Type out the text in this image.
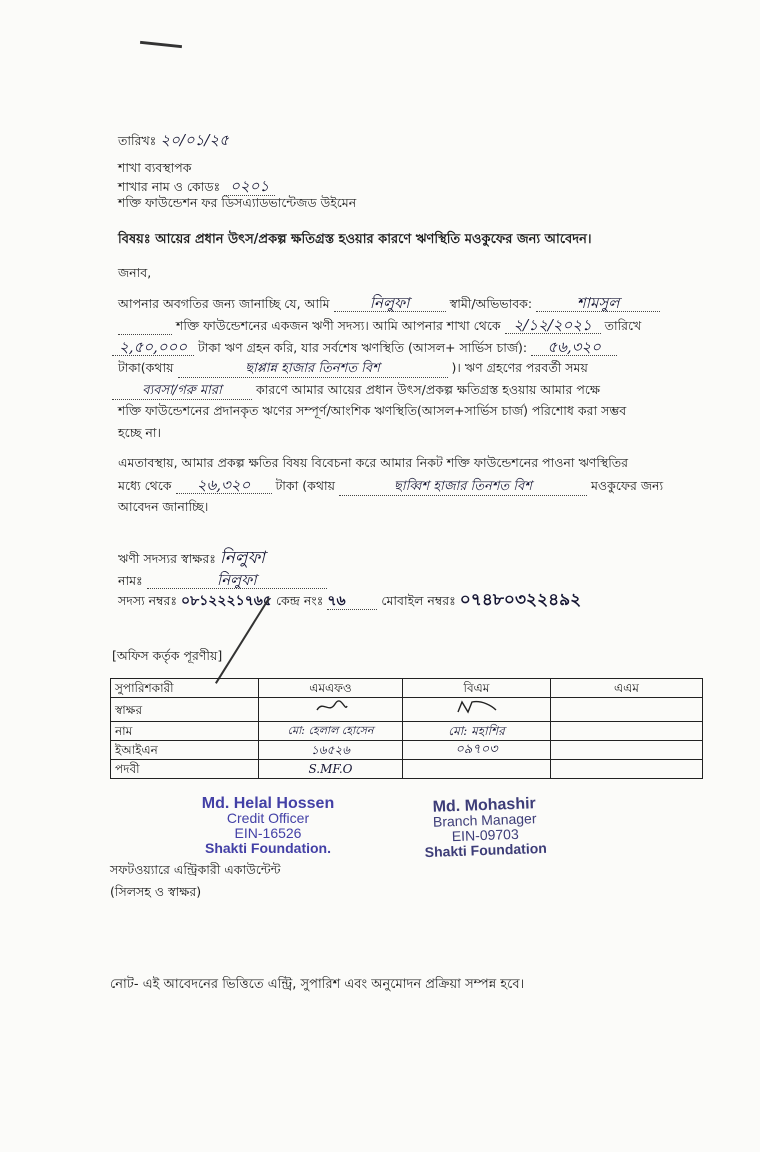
তারিখঃ ২০/০১/২৫
শাখা ব্যবস্থাপক
শাখার নাম ও কোডঃ ০২০১
শক্তি ফাউন্ডেশন ফর ডিসএ্যাডভান্টেজড উইমেন
বিষয়ঃ আয়ের প্রধান উৎস/প্রকল্প ক্ষতিগ্রস্ত হওয়ার কারণে ঋণস্থিতি মওকুফের জন্য আবেদন।
জনাব,
আপনার অবগতির জন্য জানাচ্ছি যে, আমি	নিলুফা	স্বামী/অভিভাবক:	শামসুল
শক্তি ফাউন্ডেশনের একজন ঋণী সদস্য। আমি আপনার শাখা থেকে ২/১২/২০২১ তারিখে
২,৫০,০০০ টাকা ঋণ গ্রহন করি, যার সর্বশেষ ঋণস্থিতি (আসল+ সার্ভিস চার্জ): ৫৬,৩২০
টাকা(কথায়	ছাপ্পান্ন হাজার তিনশত বিশ	)। ঋণ গ্রহণের পরবর্তী সময়
ব্যবসা/গরু মারা	কারণে আমার আয়ের প্রধান উৎস/প্রকল্প ক্ষতিগ্রস্ত হওয়ায় আমার পক্ষে
শক্তি ফাউন্ডেশনের প্রদানকৃত ঋণের সম্পূর্ণ/আংশিক ঋণস্থিতি(আসল+সার্ভিস চার্জ) পরিশোধ করা সম্ভব
হচ্ছে না।
এমতাবস্থায়, আমার প্রকল্প ক্ষতির বিষয় বিবেচনা করে আমার নিকট শক্তি ফাউন্ডেশনের পাওনা ঋণস্থিতির
মধ্যে থেকে ২৬,৩২০ টাকা (কথায়	ছাব্বিশ হাজার তিনশত বিশ	মওকুফের জন্য
আবেদন জানাচ্ছি।
ঋণী সদস্যর স্বাক্ষরঃ নিলুফা
নামঃ	নিলুফা
সদস্য নম্বরঃ ০৮১২২২১৭৬৫ কেন্দ্র নংঃ ৭৬	মোবাইল নম্বরঃ ০৭৪৮০৩২২৪৯২
[অফিস কর্তৃক পূরণীয়]
সুপারিশকারী	এমএফও	বিএম	এএম
স্বাক্ষর			
নাম	মো: হেলাল হোসেন	মো: মহাশির	
ইআইএন	১৬৫২৬	০৯৭০৩	
পদবী	S.MF.O		
Md. Helal Hossen
Credit Officer
EIN-16526
Shakti Foundation.
Md. Mohashir
Branch Manager
EIN-09703
Shakti Foundation
সফটওয়্যারে এন্ট্রিকারী একাউন্টেন্ট
(সিলসহ ও স্বাক্ষর)
নোট- এই আবেদনের ভিত্তিতে এন্ট্রি, সুপারিশ এবং অনুমোদন প্রক্রিয়া সম্পন্ন হবে।
